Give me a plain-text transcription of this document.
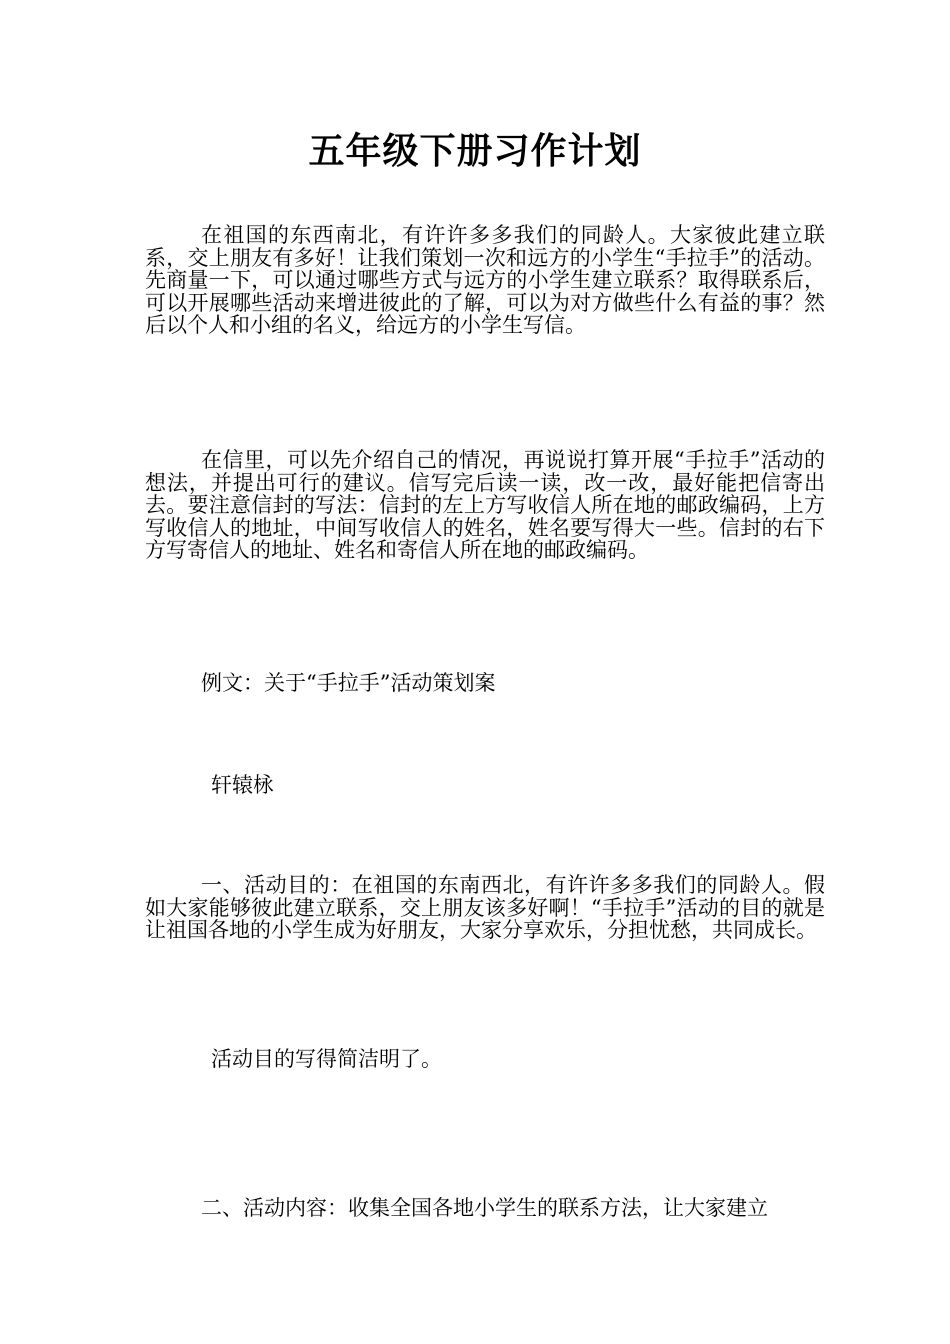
五年级下册习作计划
在祖国的东西南北，有许许多多我们的同龄人。大家彼此建立联系，交上朋友有多好！让我们策划一次和远方的小学生“手拉手”的活动。先商量一下，可以通过哪些方式与远方的小学生建立联系？取得联系后，可以开展哪些活动来增进彼此的了解，可以为对方做些什么有益的事？然后以个人和小组的名义，给远方的小学生写信。
在信里，可以先介绍自己的情况，再说说打算开展“手拉手”活动的想法，并提出可行的建议。信写完后读一读，改一改，最好能把信寄出去。要注意信封的写法：信封的左上方写收信人所在地的邮政编码，上方写收信人的地址，中间写收信人的姓名，姓名要写得大一些。信封的右下方写寄信人的地址、姓名和寄信人所在地的邮政编码。
例文：关于“手拉手”活动策划案
轩辕栐
一、活动目的：在祖国的东南西北，有许许多多我们的同龄人。假如大家能够彼此建立联系，交上朋友该多好啊！“手拉手”活动的目的就是让祖国各地的小学生成为好朋友，大家分享欢乐，分担忧愁，共同成长。
活动目的写得简洁明了。
二、活动内容：收集全国各地小学生的联系方法，让大家建立
